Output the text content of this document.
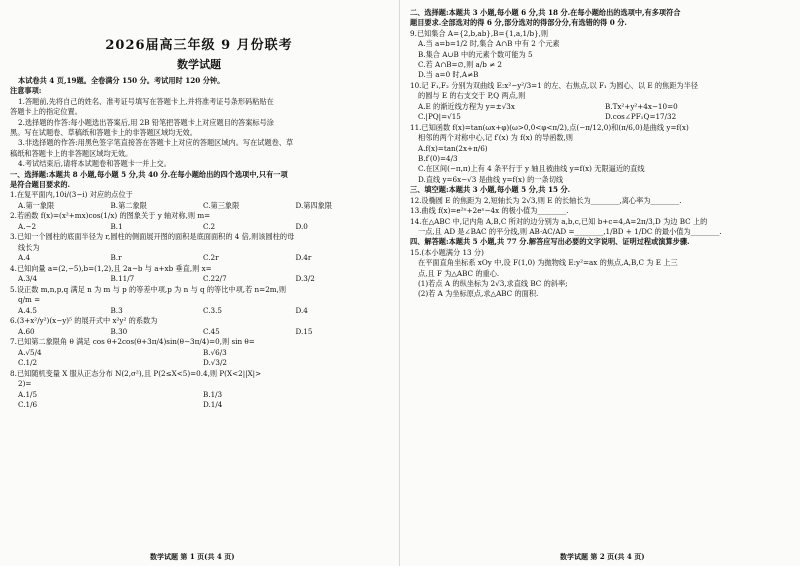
2026届高三年级 9 月份联考
数学试题
本试卷共 4 页,19题。全卷满分 150 分。考试用时 120 分钟。
注意事项:
1.答题前,先将自己的姓名、准考证号填写在答题卡上,并将准考证号条形码粘贴在
答题卡上的指定位置。
2.选择题的作答:每小题选出答案后,用 2B 铅笔把答题卡上对应题目的答案标号涂
黑。写在试题卷、草稿纸和答题卡上的非答题区域均无效。
3.非选择题的作答:用黑色签字笔直接答在答题卡上对应的答题区域内。写在试题卷、草
稿纸和答题卡上的非答题区域均无效。
4.考试结束后,请将本试题卷和答题卡一并上交。
一、选择题:本题共 8 小题,每小题 5 分,共 40 分.在每小题给出的四个选项中,只有一项
是符合题目要求的.
1.在复平面内,10i/(3−i) 对应的点位于
A.第一象限	B.第二象限	C.第三象限	D.第四象限
2.若函数 f(x)=(x²+mx)cos(1/x) 的图象关于 y 轴对称,则 m=
A.−2	B.1	C.2	D.0
3.已知一个圆柱的底面半径为 r,圆柱的侧面展开图的面积是底面面积的 4 倍,则该圆柱的母
线长为
A.4	B.r	C.2r	D.4r
4.已知向量 a=(2,−5),b=(1,2),且 2a−b 与 a+xb 垂直,则 x=
A.3/4	B.11/7	C.22/7	D.3/2
5.设正数 m,n,p,q 满足 n 为 m 与 p 的等差中项,p 为 n 与 q 的等比中项,若 n=2m,则
q/m =
A.4.5	B.3	C.3.5	D.4
6.(3+x²/y²)(x−y)⁵ 的展开式中 x²y² 的系数为
A.60	B.30	C.45	D.15
7.已知第二象限角 θ 满足 cos θ+2cos(θ+3π/4)sin(θ−3π/4)=0,则 sin θ=
A.√5/4	B.√6/3
C.1/2	D.√3/2
8.已知随机变量 X 服从正态分布 N(2,σ²),且 P(2≤X<5)=0.4,则 P(X<2||X|>
2)=
A.1/5	B.1/3
C.1/6	D.1/4
二、选择题:本题共 3 小题,每小题 6 分,共 18 分.在每小题给出的选项中,有多项符合
题目要求.全部选对的得 6 分,部分选对的得部分分,有选错的得 0 分.
9.已知集合 A={2,b,ab},B={1,a,1/b},则
A.当 a=b=1/2 时,集合 A∩B 中有 2 个元素
B.集合 A∪B 中的元素个数可能为 5
C.若 A∩B=∅,则 a/b ≠ 2
D.当 a=0 时,A≠B
10.记 F₁,F₂ 分别为双曲线 E:x²−y²/3=1 的左、右焦点,以 F₁ 为圆心、以 E 的焦距为半径
的圆与 E 的右支交于 P,Q 两点,则
A.E 的渐近线方程为 y=±√3x	B.Tx²+y²+4x−10=0
C.|PQ|=√15	D.cos∠PF₁Q=17/32
11.已知函数 f(x)=tan(ωx+φ)(ω>0,0<φ<π/2),点(−π/12,0)和(π/6,0)是曲线 y=f(x)
相邻的两个对称中心,记 f′(x) 为 f(x) 的导函数,则
A.f(x)=tan(2x+π/6)
B.f′(0)=4/3
C.在区间(−π,π)上有 4 条平行于 y 轴且被曲线 y=f(x) 无限逼近的直线
D.直线 y=6x−√3 是曲线 y=f(x) 的一条切线
三、填空题:本题共 3 小题,每小题 5 分,共 15 分.
12.设椭圆 E 的焦距为 2,短轴长为 2√3,则 E 的长轴长为________,离心率为________.
13.曲线 f(x)=e²ˣ+2eˣ−4x 的极小值为________.
14.在△ABC 中,记内角 A,B,C 所对的边分别为 a,b,c,已知 b+c=4,A=2π/3,D 为边 BC 上的
一点,且 AD 是∠BAC 的平分线,则 AB·AC/AD =________,1/BD + 1/DC 的最小值为________.
四、解答题:本题共 5 小题,共 77 分.解答应写出必要的文字说明、证明过程或演算步骤.
15.(本小题满分 13 分)
在平面直角坐标系 xOy 中,设 F(1,0) 为抛物线 E:y²=ax 的焦点,A,B,C 为 E 上三
点,且 F 为△ABC 的重心.
(1)若点 A 的纵坐标为 2√3,求直线 BC 的斜率;
(2)若 A 为坐标原点,求△ABC 的面积.
数学试题 第 1 页(共 4 页)	数学试题 第 2 页(共 4 页)
